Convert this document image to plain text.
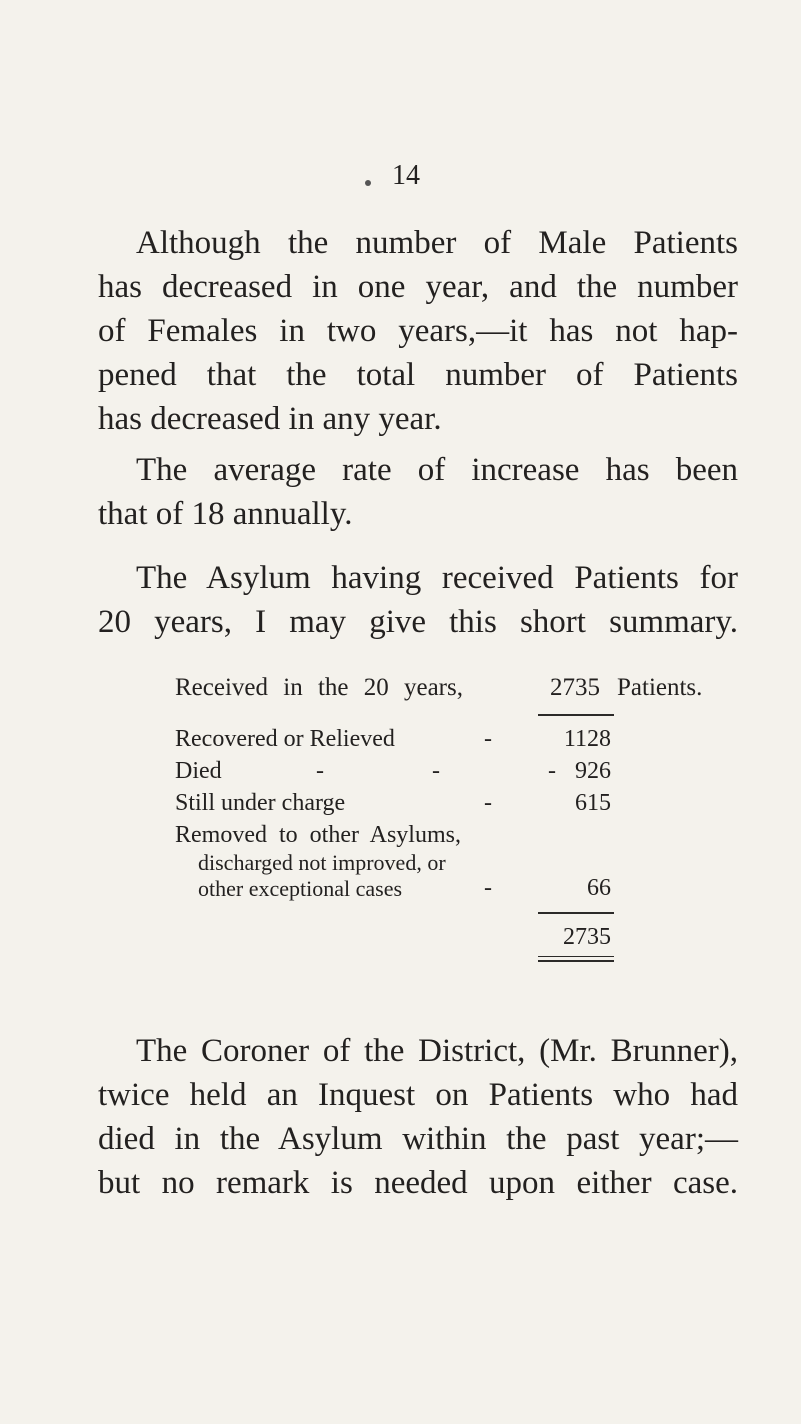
14
Although the number of Male Patients
has decreased in one year, and the number
of Females in two years,—it has not hap-
pened that the total number of Patients
has decreased in any year.
The average rate of increase has been
that of 18 annually.
The Asylum having received Patients for
20 years, I may give this short summary.
Received in the 20 years,	2735 Patients.
Recovered or Relieved	-	1128
Died	-   -   - 926
Still under charge	-	615
Removed to other Asylums,
discharged not improved, or
other exceptional cases	-	66
2735
The Coroner of the District, (Mr. Brunner),
twice held an Inquest on Patients who had
died in the Asylum within the past year;—
but no remark is needed upon either case.
